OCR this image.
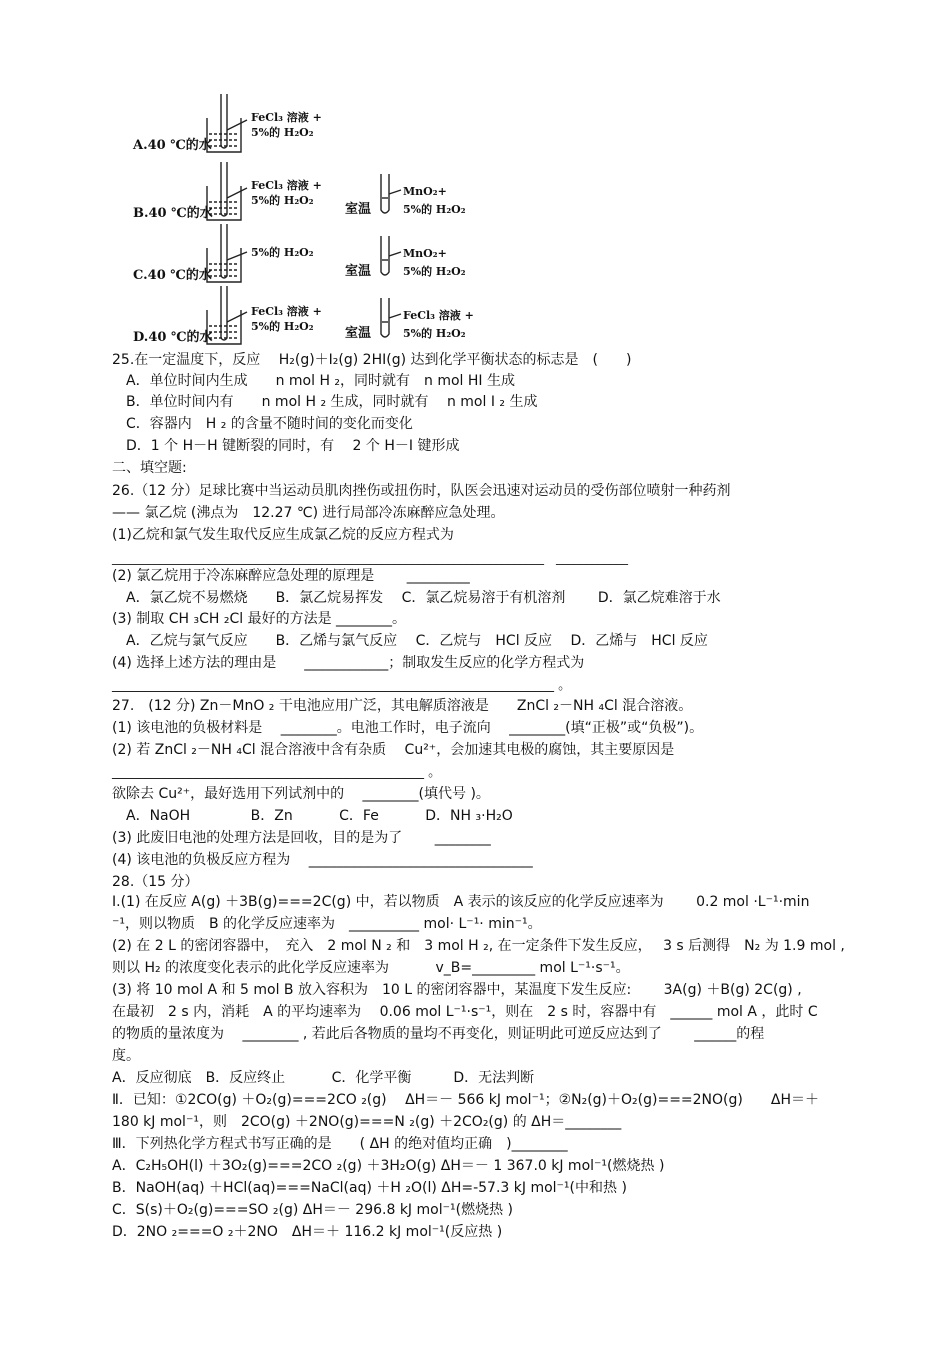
A.40 ℃的水
B.40 ℃的水
C.40 ℃的水
D.40 ℃的水
FeCl₃ 溶液 +
5%的 H₂O₂
FeCl₃ 溶液 +
5%的 H₂O₂
5%的 H₂O₂
FeCl₃ 溶液 +
5%的 H₂O₂
室温
室温
室温
MnO₂+
5%的 H₂O₂
MnO₂+
5%的 H₂O₂
FeCl₃ 溶液 +
5%的 H₂O₂
25.在一定温度下，反应　 H₂(g)＋I₂(g) 2HI(g) 达到化学平衡状态的标志是　(　　)
　A．单位时间内生成　　n mol H ₂，同时就有　n mol HI 生成
　B．单位时间内有　　n mol H ₂ 生成，同时就有　 n mol I ₂ 生成
　C．容器内　H ₂ 的含量不随时间的变化而变化
　D．1 个 H－H 键断裂的同时，有　 2 个 H－I 键形成
二、填空题:
26.（12 分）足球比赛中当运动员肌肉挫伤或扭伤时，队医会迅速对运动员的受伤部位喷射一种药剂
—— 氯乙烷 (沸点为　12.27 ℃) 进行局部冷冻麻醉应急处理。
(1)乙烷和氯气发生取代反应生成氯乙烷的反应方程式为
________________________________________________________________________　____________
(2) 氯乙烷用于冷冻麻醉应急处理的原理是　　 _________
　A．氯乙烷不易燃烧　　B．氯乙烷易挥发　 C．氯乙烷易溶于有机溶剂　　 D．氯乙烷难溶于水
(3) 制取 CH ₃CH ₂Cl 最好的方法是 ________。
　A．乙烷与氯气反应　　B．乙烯与氯气反应　 C．乙烷与　HCl 反应　 D．乙烯与　HCl 反应
(4) 选择上述方法的理由是　　____________；制取发生反应的化学方程式为
____________________________________________________________________ 。
27.　(12 分) Zn－MnO ₂ 干电池应用广泛，其电解质溶液是　　ZnCl ₂－NH ₄Cl 混合溶液。
(1) 该电池的负极材料是　 ________。电池工作时，电子流向　 ________(填“正极”或“负极”)。
(2) 若 ZnCl ₂－NH ₄Cl 混合溶液中含有杂质　 Cu²⁺，会加速其电极的腐蚀，其主要原因是
________________________________________________ 。
欲除去 Cu²⁺，最好选用下列试剂中的　 ________(填代号 )。
　A．NaOH　　　　 B．Zn　　　 C．Fe　　　 D．NH ₃·H₂O
(3) 此废旧电池的处理方法是回收，目的是为了　　 ________
(4) 该电池的负极反应方程为　 ________________________________
28.（15 分）
Ⅰ.(1) 在反应 A(g) ＋3B(g)===2C(g) 中，若以物质　A 表示的该反应的化学反应速率为　　 0.2 mol ·L⁻¹·min
⁻¹，则以物质　B 的化学反应速率为　__________ mol· L⁻¹· min⁻¹。
(2) 在 2 L 的密闭容器中，　充入　2 mol N ₂ 和　3 mol H ₂, 在一定条件下发生反应，　 3 s 后测得　N₂ 为 1.9 mol ,
则以 H₂ 的浓度变化表示的此化学反应速率为　　　 v_B=_________ mol L⁻¹·s⁻¹。
(3) 将 10 mol A 和 5 mol B 放入容积为　10 L 的密闭容器中，某温度下发生反应:　　 3A(g) ＋B(g) 2C(g) ,
在最初　2 s 内，消耗　A 的平均速率为　 0.06 mol L⁻¹·s⁻¹，则在　2 s 时，容器中有　______ mol A ，此时 C
的物质的量浓度为　 ________ , 若此后各物质的量均不再变化，则证明此可逆反应达到了　　 ______的程
度。
A．反应彻底　B．反应终止　　　 C．化学平衡　　　D．无法判断
Ⅱ．已知：①2CO(g) ＋O₂(g)===2CO ₂(g)　 ΔH＝－ 566 kJ mol⁻¹；②N₂(g)＋O₂(g)===2NO(g)　　ΔH＝＋
180 kJ mol⁻¹，则　2CO(g) ＋2NO(g)===N ₂(g) ＋2CO₂(g) 的 ΔH＝________
Ⅲ．下列热化学方程式书写正确的是　　( ΔH 的绝对值均正确　)________
A．C₂H₅OH(l) ＋3O₂(g)===2CO ₂(g) ＋3H₂O(g) ΔH＝－ 1 367.0 kJ mol⁻¹(燃烧热 )
B．NaOH(aq) ＋HCl(aq)===NaCl(aq) ＋H ₂O(l) ΔH=-57.3 kJ mol⁻¹(中和热 )
C．S(s)＋O₂(g)===SO ₂(g) ΔH＝－ 296.8 kJ mol⁻¹(燃烧热 )
D．2NO ₂===O ₂＋2NO　ΔH＝＋ 116.2 kJ mol⁻¹(反应热 )
